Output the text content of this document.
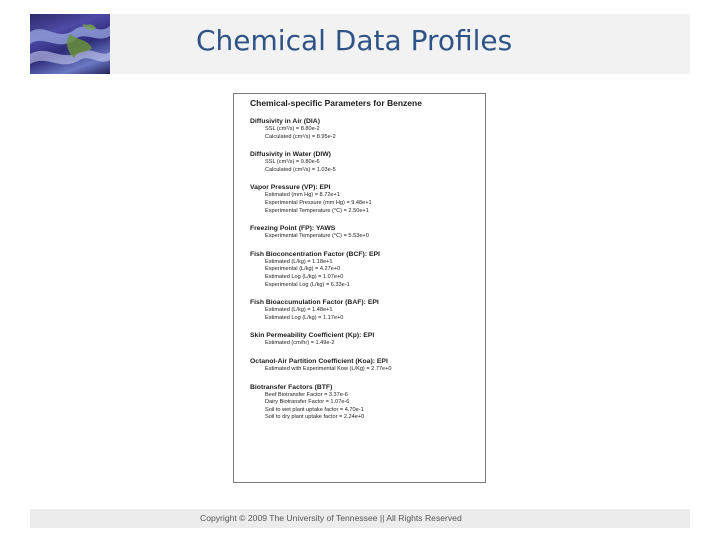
Chemical Data Profiles
Chemical-specific Parameters for Benzene
Diffusivity in Air (DIA)
SSL (cm²/s) = 8.80e-2
Calculated (cm²/s) = 8.95e-2
Diffusivity in Water (DIW)
SSL (cm²/s) = 9.80e-6
Calculated (cm²/s) = 1.03e-5
Vapor Pressure (VP): EPI
Estimated (mm Hg) = 8.72e+1
Experimental Pressure (mm Hg) = 9.48e+1
Experimental Temperature (°C) = 2.50e+1
Freezing Point (FP): YAWS
Experimental Temperature (°C) = 5.53e+0
Fish Bioconcentration Factor (BCF): EPI
Estimated (L/kg) = 1.18e+1
Experimental (L/kg) = 4.27e+0
Estimated Log (L/kg) = 1.07e+0
Experimental Log (L/kg) = 6.33e-1
Fish Bioaccumulation Factor (BAF): EPI
Estimated (L/kg) = 1.48e+1
Estimated Log (L/kg) = 1.17e+0
Skin Permeability Coefficient (Kp): EPI
Estimated (cm/hr) = 1.49e-2
Octanol-Air Partition Coefficient (Koa): EPI
Estimated with Experimental Kow (L/Kg) = 2.77e+0
Biotransfer Factors (BTF)
Beef Biotransfer Factor = 3.37e-6
Dairy Biotransfer Factor = 1.07e-6
Soil to wet plant uptake factor = 4.70e-1
Soil to dry plant uptake factor = 2.24e+0

Copyright © 2009 The University of Tennessee || All Rights Reserved
